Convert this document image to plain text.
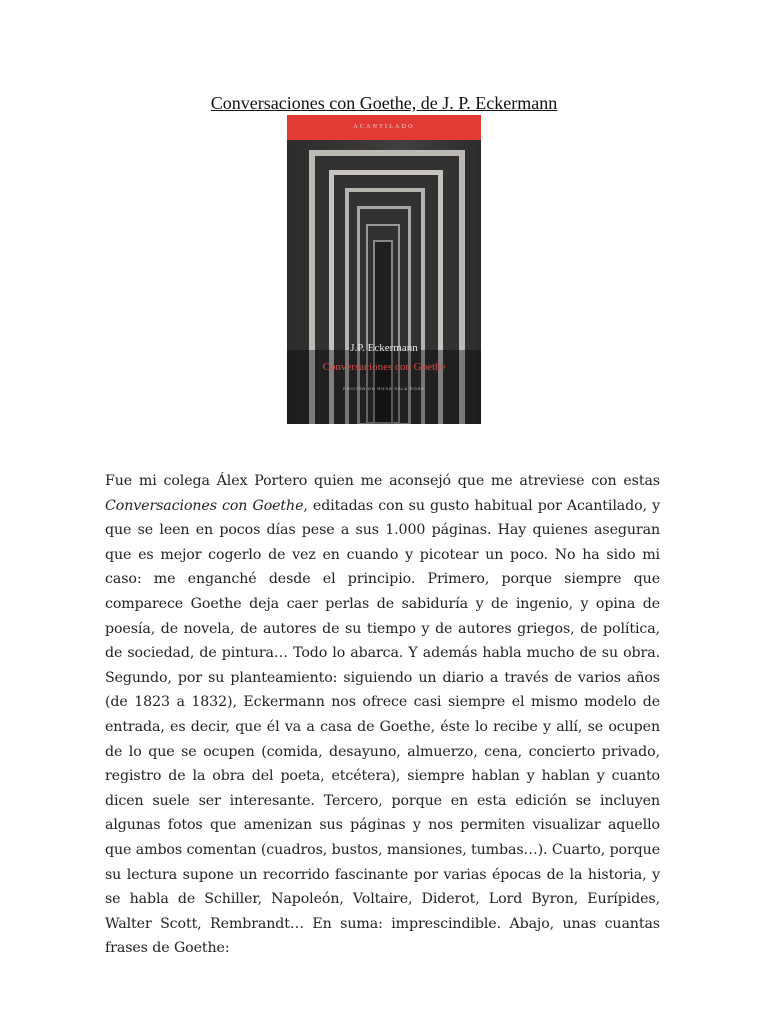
Conversaciones con Goethe, de J. P. Eckermann
ACANTILADO
J.P. Eckermann
Conversaciones con Goethe
EDICIÓN DE ROSA SALA ROSE
Fue mi colega Álex Portero quien me aconsejó que me atreviese con estas Conversaciones con Goethe, editadas con su gusto habitual por Acantilado, y que se leen en pocos días pese a sus 1.000 páginas. Hay quienes aseguran que es mejor cogerlo de vez en cuando y picotear un poco. No ha sido mi caso: me enganché desde el principio. Primero, porque siempre que comparece Goethe deja caer perlas de sabiduría y de ingenio, y opina de poesía, de novela, de autores de su tiempo y de autores griegos, de política, de sociedad, de pintura… Todo lo abarca. Y además habla mucho de su obra. Segundo, por su planteamiento: siguiendo un diario a través de varios años (de 1823 a 1832), Eckermann nos ofrece casi siempre el mismo modelo de entrada, es decir, que él va a casa de Goethe, éste lo recibe y allí, se ocupen de lo que se ocupen (comida, desayuno, almuerzo, cena, concierto privado, registro de la obra del poeta, etcétera), siempre hablan y hablan y cuanto dicen suele ser interesante. Tercero, porque en esta edición se incluyen algunas fotos que amenizan sus páginas y nos permiten visualizar aquello que ambos comentan (cuadros, bustos, mansiones, tumbas…). Cuarto, porque su lectura supone un recorrido fascinante por varias épocas de la historia, y se habla de Schiller, Napoleón, Voltaire, Diderot, Lord Byron, Eurípides, Walter Scott, Rembrandt… En suma: imprescindible. Abajo, unas cuantas frases de Goethe:
